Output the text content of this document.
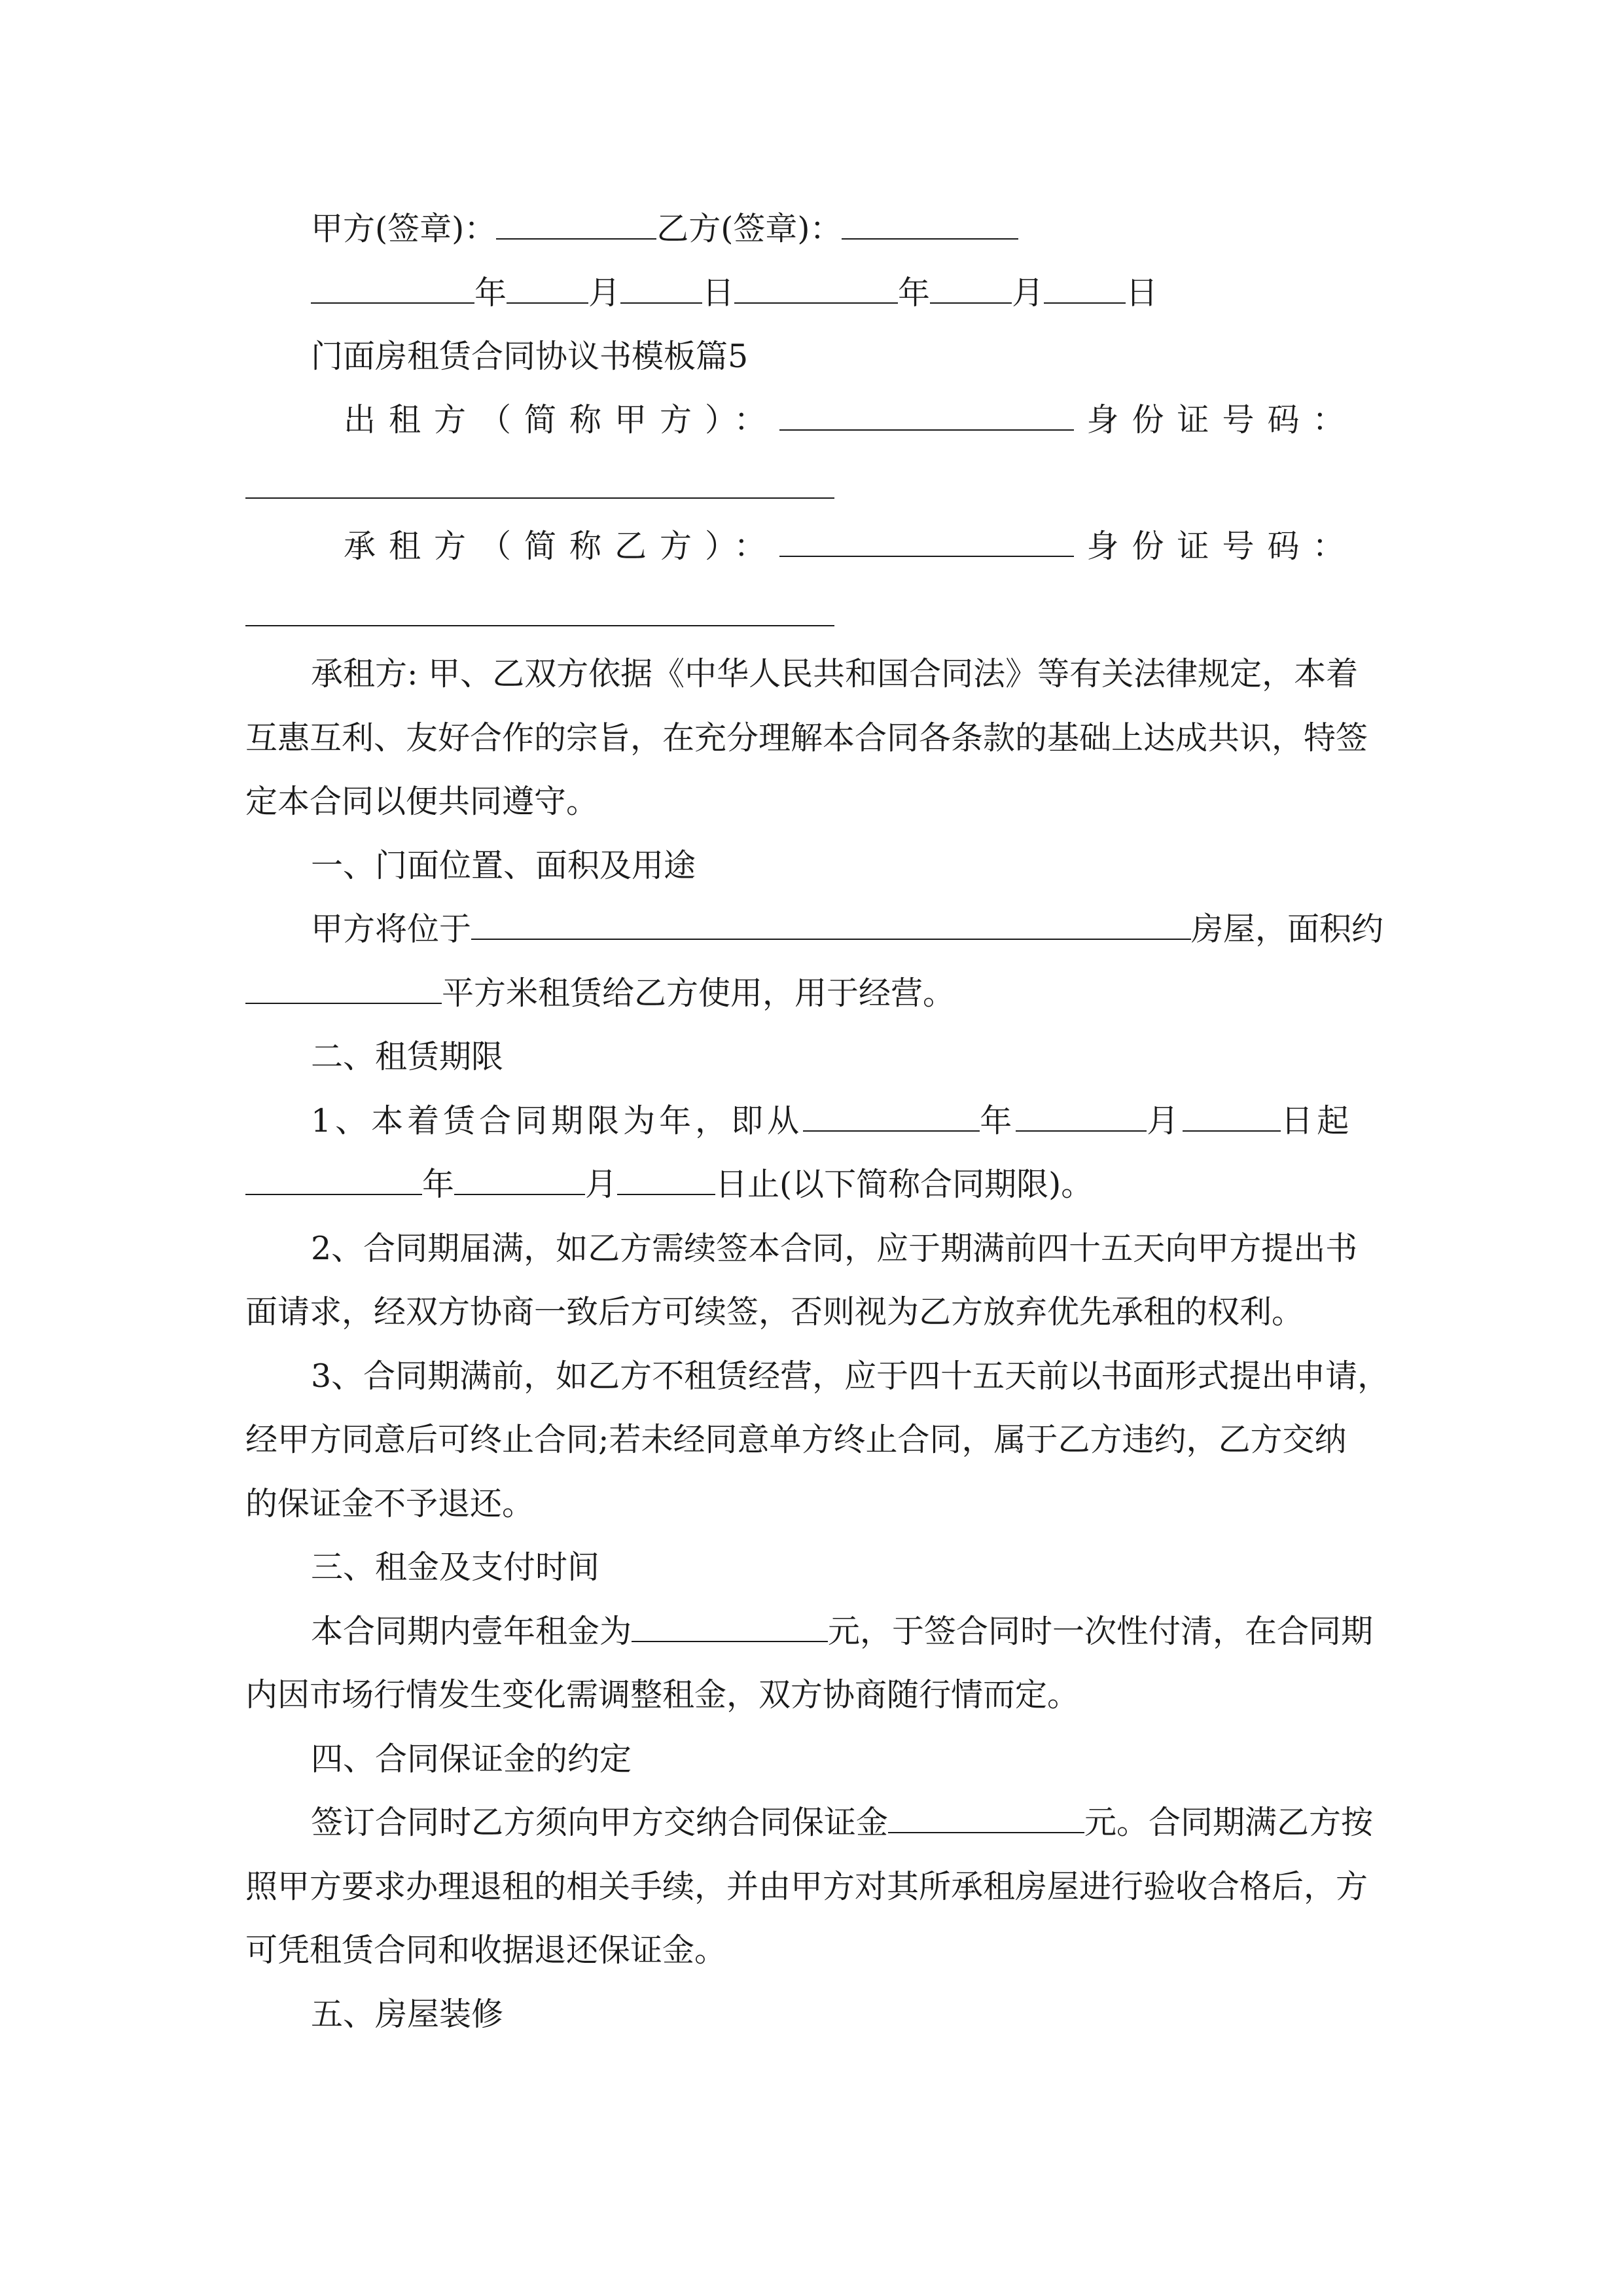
甲方(签章)：	乙方(签章)：
年	月	日	年	月	日
门面房租赁合同协议书模板篇5
出租方（简称甲方）：	身份证号码：
承租方（简称乙方）：	身份证号码：
承租方: 甲、乙双方依据《中华人民共和国合同法》等有关法律规定，本着
互惠互利、友好合作的宗旨，在充分理解本合同各条款的基础上达成共识，特签
定本合同以便共同遵守。
一、门面位置、面积及用途
甲方将位于	房屋，面积约
平方米租赁给乙方使用，用于经营。
二、租赁期限
1、本着赁合同期限为年，即从	年	月	日起
年	月	日止(以下简称合同期限)。
2、合同期届满，如乙方需续签本合同，应于期满前四十五天向甲方提出书
面请求，经双方协商一致后方可续签，否则视为乙方放弃优先承租的权利。
3、合同期满前，如乙方不租赁经营，应于四十五天前以书面形式提出申请，
经甲方同意后可终止合同;若未经同意单方终止合同，属于乙方违约，乙方交纳
的保证金不予退还。
三、租金及支付时间
本合同期内壹年租金为	元，于签合同时一次性付清，在合同期
内因市场行情发生变化需调整租金，双方协商随行情而定。
四、合同保证金的约定
签订合同时乙方须向甲方交纳合同保证金	元。合同期满乙方按
照甲方要求办理退租的相关手续，并由甲方对其所承租房屋进行验收合格后，方
可凭租赁合同和收据退还保证金。
五、房屋装修
